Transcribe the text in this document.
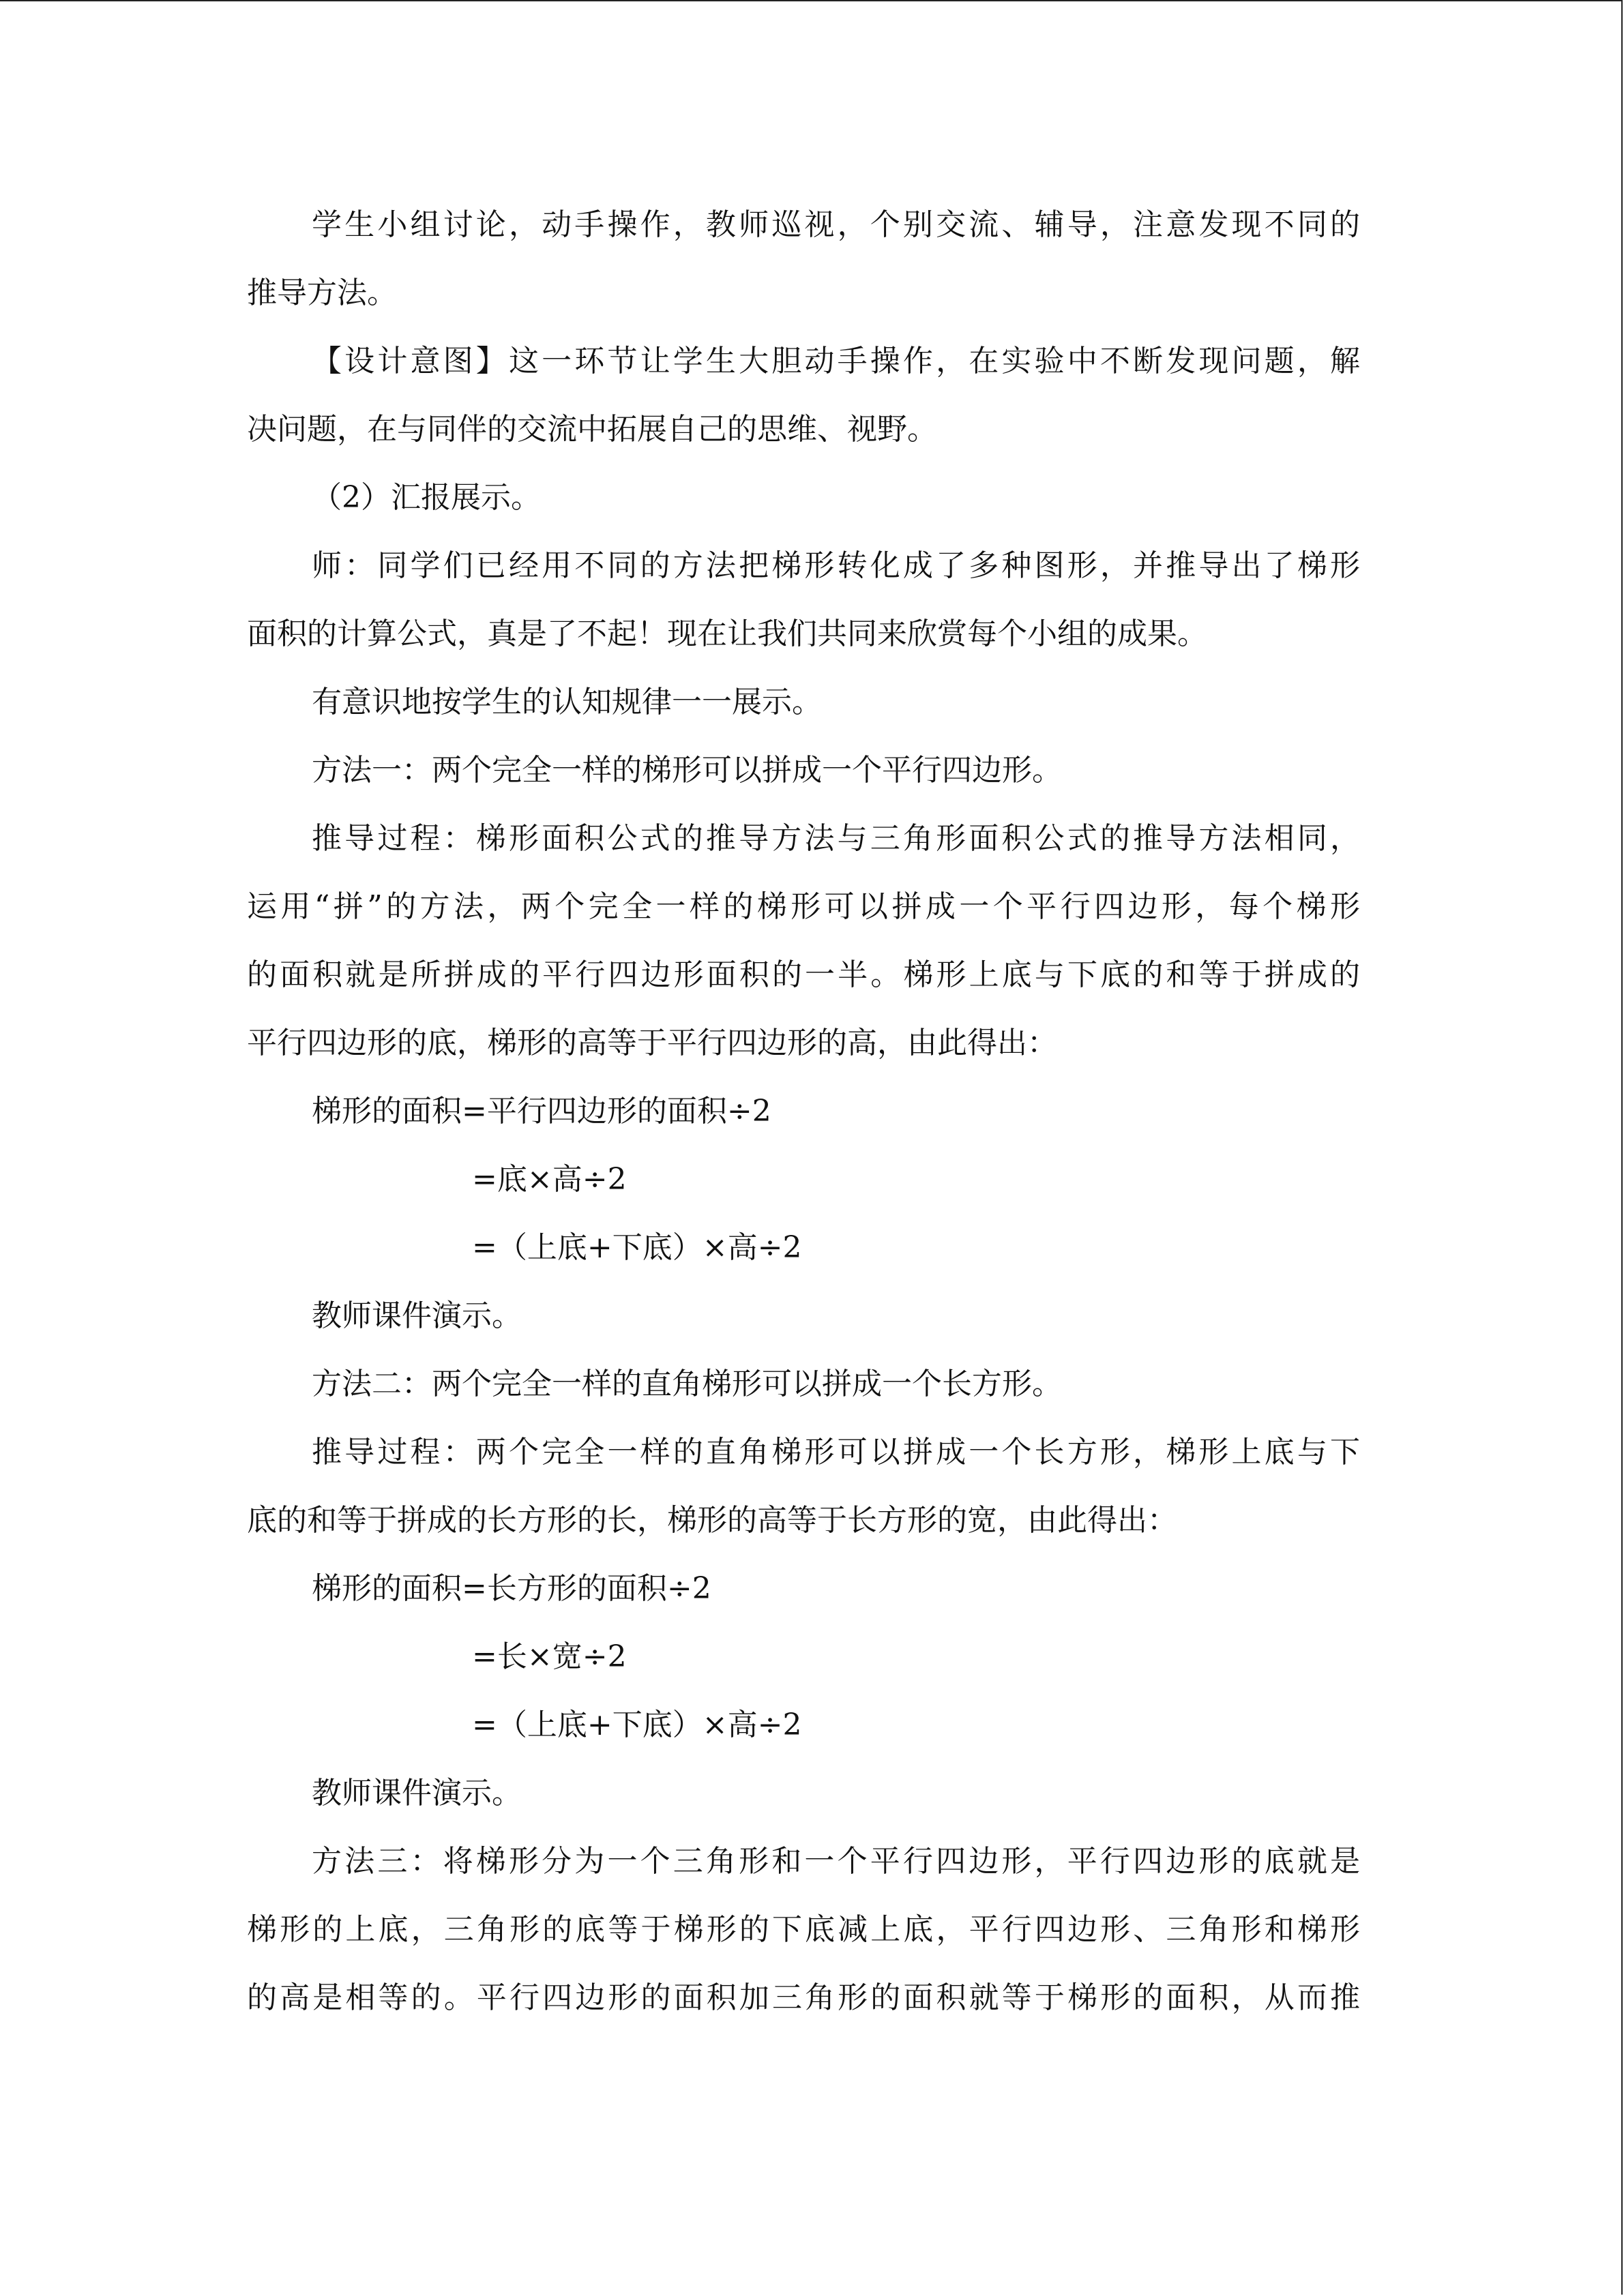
学生小组讨论，动手操作，教师巡视，个别交流、辅导，注意发现不同的
推导方法。
【设计意图】这一环节让学生大胆动手操作，在实验中不断发现问题，解
决问题，在与同伴的交流中拓展自己的思维、视野。
（2）汇报展示。
师：同学们已经用不同的方法把梯形转化成了多种图形，并推导出了梯形
面积的计算公式，真是了不起！现在让我们共同来欣赏每个小组的成果。
有意识地按学生的认知规律一一展示。
方法一：两个完全一样的梯形可以拼成一个平行四边形。
推导过程：梯形面积公式的推导方法与三角形面积公式的推导方法相同，
运用“拼”的方法，两个完全一样的梯形可以拼成一个平行四边形，每个梯形
的面积就是所拼成的平行四边形面积的一半。梯形上底与下底的和等于拼成的
平行四边形的底，梯形的高等于平行四边形的高，由此得出：
梯形的面积=平行四边形的面积÷2
=底×高÷2
=（上底+下底）×高÷2
教师课件演示。
方法二：两个完全一样的直角梯形可以拼成一个长方形。
推导过程：两个完全一样的直角梯形可以拼成一个长方形，梯形上底与下
底的和等于拼成的长方形的长，梯形的高等于长方形的宽，由此得出：
梯形的面积=长方形的面积÷2
=长×宽÷2
=（上底+下底）×高÷2
教师课件演示。
方法三：将梯形分为一个三角形和一个平行四边形，平行四边形的底就是
梯形的上底，三角形的底等于梯形的下底减上底，平行四边形、三角形和梯形
的高是相等的。平行四边形的面积加三角形的面积就等于梯形的面积，从而推
